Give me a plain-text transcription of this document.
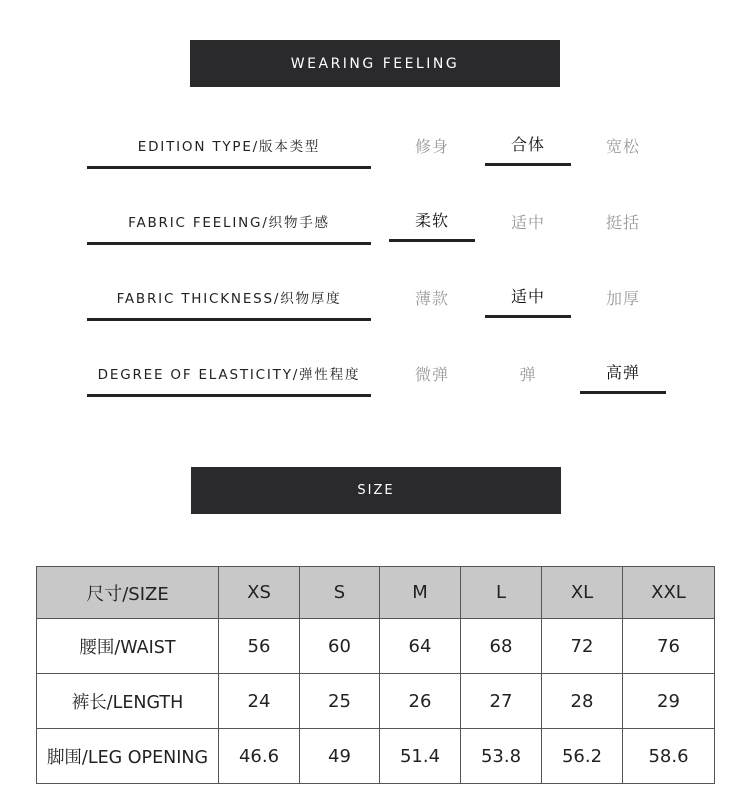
WEARING FEELING
EDITION TYPE/版本类型	修身	合体	宽松
FABRIC FEELING/织物手感	柔软	适中	挺括
FABRIC THICKNESS/织物厚度	薄款	适中	加厚
DEGREE OF ELASTICITY/弹性程度	微弹	弹	高弹
SIZE
尺寸/SIZE	XS	S	M	L	XL	XXL
腰围/WAIST	56	60	64	68	72	76
裤长/LENGTH	24	25	26	27	28	29
脚围/LEG OPENING	46.6	49	51.4	53.8	56.2	58.6
